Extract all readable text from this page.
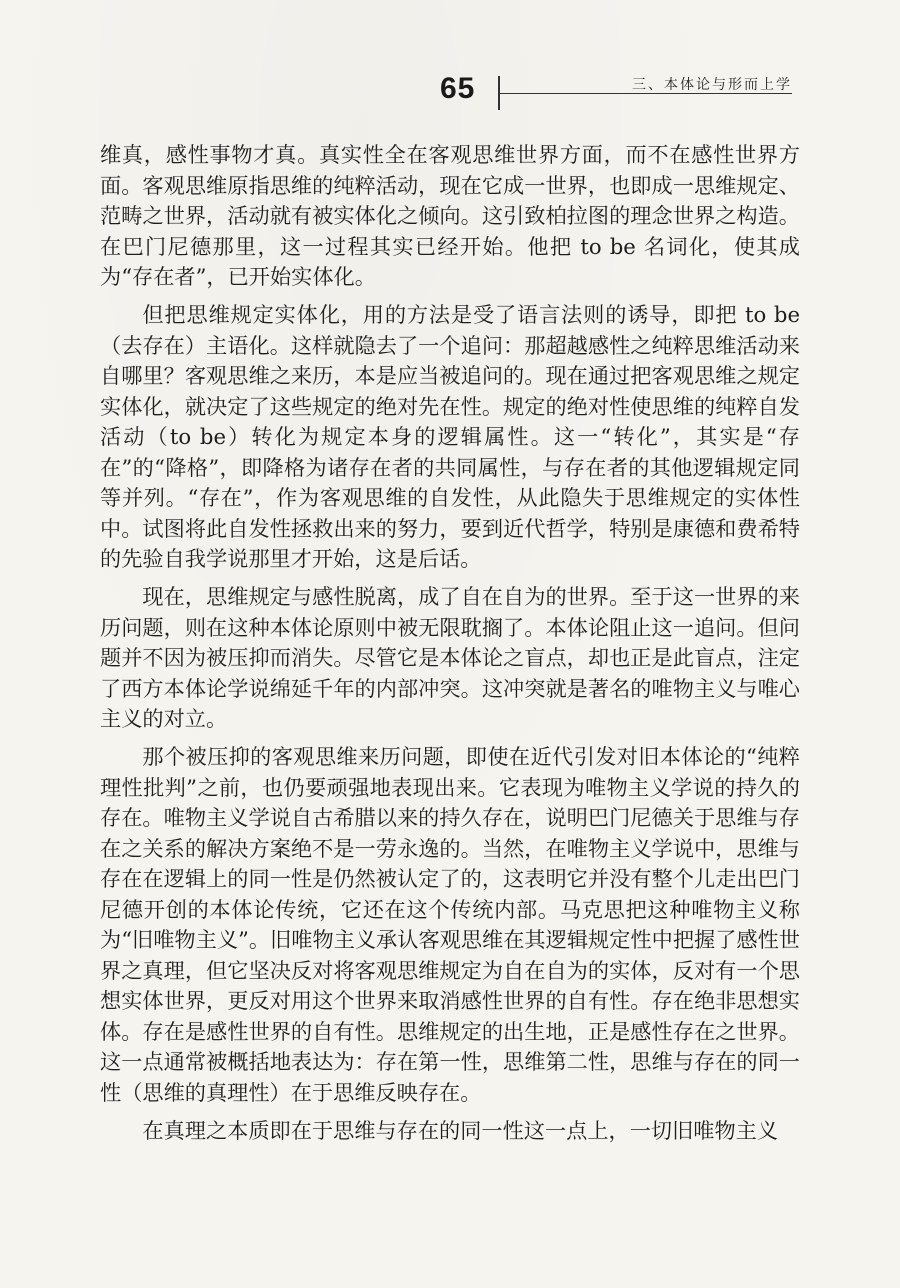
65	三、本体论与形而上学

维真，感性事物才真。真实性全在客观思维世界方面，而不在感性世界方面。客观思维原指思维的纯粹活动，现在它成一世界，也即成一思维规定、范畴之世界，活动就有被实体化之倾向。这引致柏拉图的理念世界之构造。在巴门尼德那里，这一过程其实已经开始。他把 to be 名词化，使其成为“存在者”，已开始实体化。

但把思维规定实体化，用的方法是受了语言法则的诱导，即把 to be（去存在）主语化。这样就隐去了一个追问：那超越感性之纯粹思维活动来自哪里？客观思维之来历，本是应当被追问的。现在通过把客观思维之规定实体化，就决定了这些规定的绝对先在性。规定的绝对性使思维的纯粹自发活动（to be）转化为规定本身的逻辑属性。这一“转化”，其实是“存在”的“降格”，即降格为诸存在者的共同属性，与存在者的其他逻辑规定同等并列。“存在”，作为客观思维的自发性，从此隐失于思维规定的实体性中。试图将此自发性拯救出来的努力，要到近代哲学，特别是康德和费希特的先验自我学说那里才开始，这是后话。

现在，思维规定与感性脱离，成了自在自为的世界。至于这一世界的来历问题，则在这种本体论原则中被无限耽搁了。本体论阻止这一追问。但问题并不因为被压抑而消失。尽管它是本体论之盲点，却也正是此盲点，注定了西方本体论学说绵延千年的内部冲突。这冲突就是著名的唯物主义与唯心主义的对立。

那个被压抑的客观思维来历问题，即使在近代引发对旧本体论的“纯粹理性批判”之前，也仍要顽强地表现出来。它表现为唯物主义学说的持久的存在。唯物主义学说自古希腊以来的持久存在，说明巴门尼德关于思维与存在之关系的解决方案绝不是一劳永逸的。当然，在唯物主义学说中，思维与存在在逻辑上的同一性是仍然被认定了的，这表明它并没有整个儿走出巴门尼德开创的本体论传统，它还在这个传统内部。马克思把这种唯物主义称为“旧唯物主义”。旧唯物主义承认客观思维在其逻辑规定性中把握了感性世界之真理，但它坚决反对将客观思维规定为自在自为的实体，反对有一个思想实体世界，更反对用这个世界来取消感性世界的自有性。存在绝非思想实体。存在是感性世界的自有性。思维规定的出生地，正是感性存在之世界。这一点通常被概括地表达为：存在第一性，思维第二性，思维与存在的同一性（思维的真理性）在于思维反映存在。

在真理之本质即在于思维与存在的同一性这一点上，一切旧唯物主义
